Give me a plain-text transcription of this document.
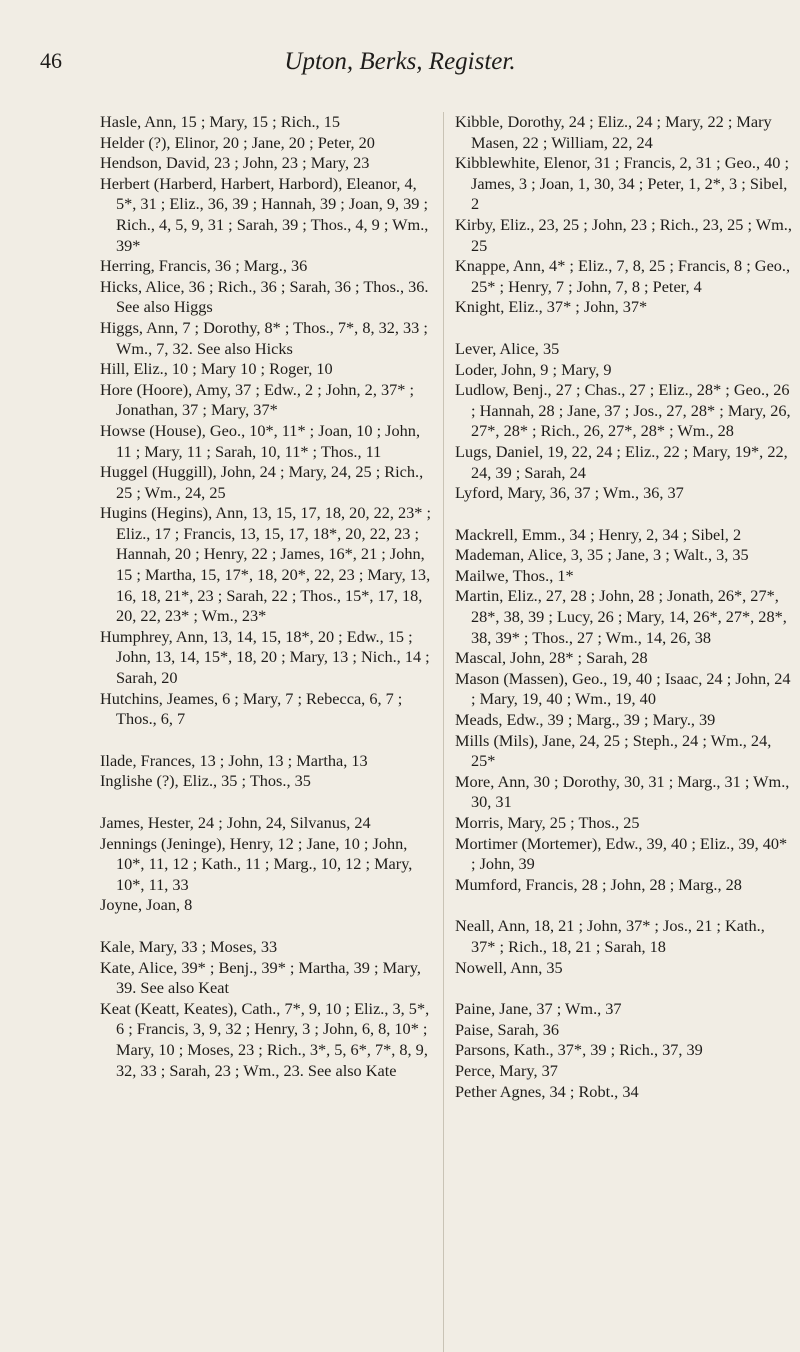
46	Upton, Berks, Register.
Hasle, Ann, 15 ; Mary, 15 ; Rich., 15
Helder (?), Elinor, 20 ; Jane, 20 ; Peter, 20
Hendson, David, 23 ; John, 23 ; Mary, 23
Herbert (Harberd, Harbert, Harbord), Eleanor, 4, 5*, 31 ; Eliz., 36, 39 ; Hannah, 39 ; Joan, 9, 39 ; Rich., 4, 5, 9, 31 ; Sarah, 39 ; Thos., 4, 9 ; Wm., 39*
Herring, Francis, 36 ; Marg., 36
Hicks, Alice, 36 ; Rich., 36 ; Sarah, 36 ; Thos., 36. See also Higgs
Higgs, Ann, 7 ; Dorothy, 8* ; Thos., 7*, 8, 32, 33 ; Wm., 7, 32. See also Hicks
Hill, Eliz., 10 ; Mary 10 ; Roger, 10
Hore (Hoore), Amy, 37 ; Edw., 2 ; John, 2, 37* ; Jonathan, 37 ; Mary, 37*
Howse (House), Geo., 10*, 11* ; Joan, 10 ; John, 11 ; Mary, 11 ; Sarah, 10, 11* ; Thos., 11
Huggel (Huggill), John, 24 ; Mary, 24, 25 ; Rich., 25 ; Wm., 24, 25
Hugins (Hegins), Ann, 13, 15, 17, 18, 20, 22, 23* ; Eliz., 17 ; Francis, 13, 15, 17, 18*, 20, 22, 23 ; Hannah, 20 ; Henry, 22 ; James, 16*, 21 ; John, 15 ; Martha, 15, 17*, 18, 20*, 22, 23 ; Mary, 13, 16, 18, 21*, 23 ; Sarah, 22 ; Thos., 15*, 17, 18, 20, 22, 23* ; Wm., 23*
Humphrey, Ann, 13, 14, 15, 18*, 20 ; Edw., 15 ; John, 13, 14, 15*, 18, 20 ; Mary, 13 ; Nich., 14 ; Sarah, 20
Hutchins, Jeames, 6 ; Mary, 7 ; Rebecca, 6, 7 ; Thos., 6, 7
Ilade, Frances, 13 ; John, 13 ; Martha, 13
Inglishe (?), Eliz., 35 ; Thos., 35
James, Hester, 24 ; John, 24, Silvanus, 24
Jennings (Jeninge), Henry, 12 ; Jane, 10 ; John, 10*, 11, 12 ; Kath., 11 ; Marg., 10, 12 ; Mary, 10*, 11, 33
Joyne, Joan, 8
Kale, Mary, 33 ; Moses, 33
Kate, Alice, 39* ; Benj., 39* ; Martha, 39 ; Mary, 39. See also Keat
Keat (Keatt, Keates), Cath., 7*, 9, 10 ; Eliz., 3, 5*, 6 ; Francis, 3, 9, 32 ; Henry, 3 ; John, 6, 8, 10* ; Mary, 10 ; Moses, 23 ; Rich., 3*, 5, 6*, 7*, 8, 9, 32, 33 ; Sarah, 23 ; Wm., 23. See also Kate
Kibble, Dorothy, 24 ; Eliz., 24 ; Mary, 22 ; Mary Masen, 22 ; William, 22, 24
Kibblewhite, Elenor, 31 ; Francis, 2, 31 ; Geo., 40 ; James, 3 ; Joan, 1, 30, 34 ; Peter, 1, 2*, 3 ; Sibel, 2
Kirby, Eliz., 23, 25 ; John, 23 ; Rich., 23, 25 ; Wm., 25
Knappe, Ann, 4* ; Eliz., 7, 8, 25 ; Francis, 8 ; Geo., 25* ; Henry, 7 ; John, 7, 8 ; Peter, 4
Knight, Eliz., 37* ; John, 37*
Lever, Alice, 35
Loder, John, 9 ; Mary, 9
Ludlow, Benj., 27 ; Chas., 27 ; Eliz., 28* ; Geo., 26 ; Hannah, 28 ; Jane, 37 ; Jos., 27, 28* ; Mary, 26, 27*, 28* ; Rich., 26, 27*, 28* ; Wm., 28
Lugs, Daniel, 19, 22, 24 ; Eliz., 22 ; Mary, 19*, 22, 24, 39 ; Sarah, 24
Lyford, Mary, 36, 37 ; Wm., 36, 37
Mackrell, Emm., 34 ; Henry, 2, 34 ; Sibel, 2
Mademan, Alice, 3, 35 ; Jane, 3 ; Walt., 3, 35
Mailwe, Thos., 1*
Martin, Eliz., 27, 28 ; John, 28 ; Jonath, 26*, 27*, 28*, 38, 39 ; Lucy, 26 ; Mary, 14, 26*, 27*, 28*, 38, 39* ; Thos., 27 ; Wm., 14, 26, 38
Mascal, John, 28* ; Sarah, 28
Mason (Massen), Geo., 19, 40 ; Isaac, 24 ; John, 24 ; Mary, 19, 40 ; Wm., 19, 40
Meads, Edw., 39 ; Marg., 39 ; Mary., 39
Mills (Mils), Jane, 24, 25 ; Steph., 24 ; Wm., 24, 25*
More, Ann, 30 ; Dorothy, 30, 31 ; Marg., 31 ; Wm., 30, 31
Morris, Mary, 25 ; Thos., 25
Mortimer (Mortemer), Edw., 39, 40 ; Eliz., 39, 40* ; John, 39
Mumford, Francis, 28 ; John, 28 ; Marg., 28
Neall, Ann, 18, 21 ; John, 37* ; Jos., 21 ; Kath., 37* ; Rich., 18, 21 ; Sarah, 18
Nowell, Ann, 35
Paine, Jane, 37 ; Wm., 37
Paise, Sarah, 36
Parsons, Kath., 37*, 39 ; Rich., 37, 39
Perce, Mary, 37
Pether Agnes, 34 ; Robt., 34
